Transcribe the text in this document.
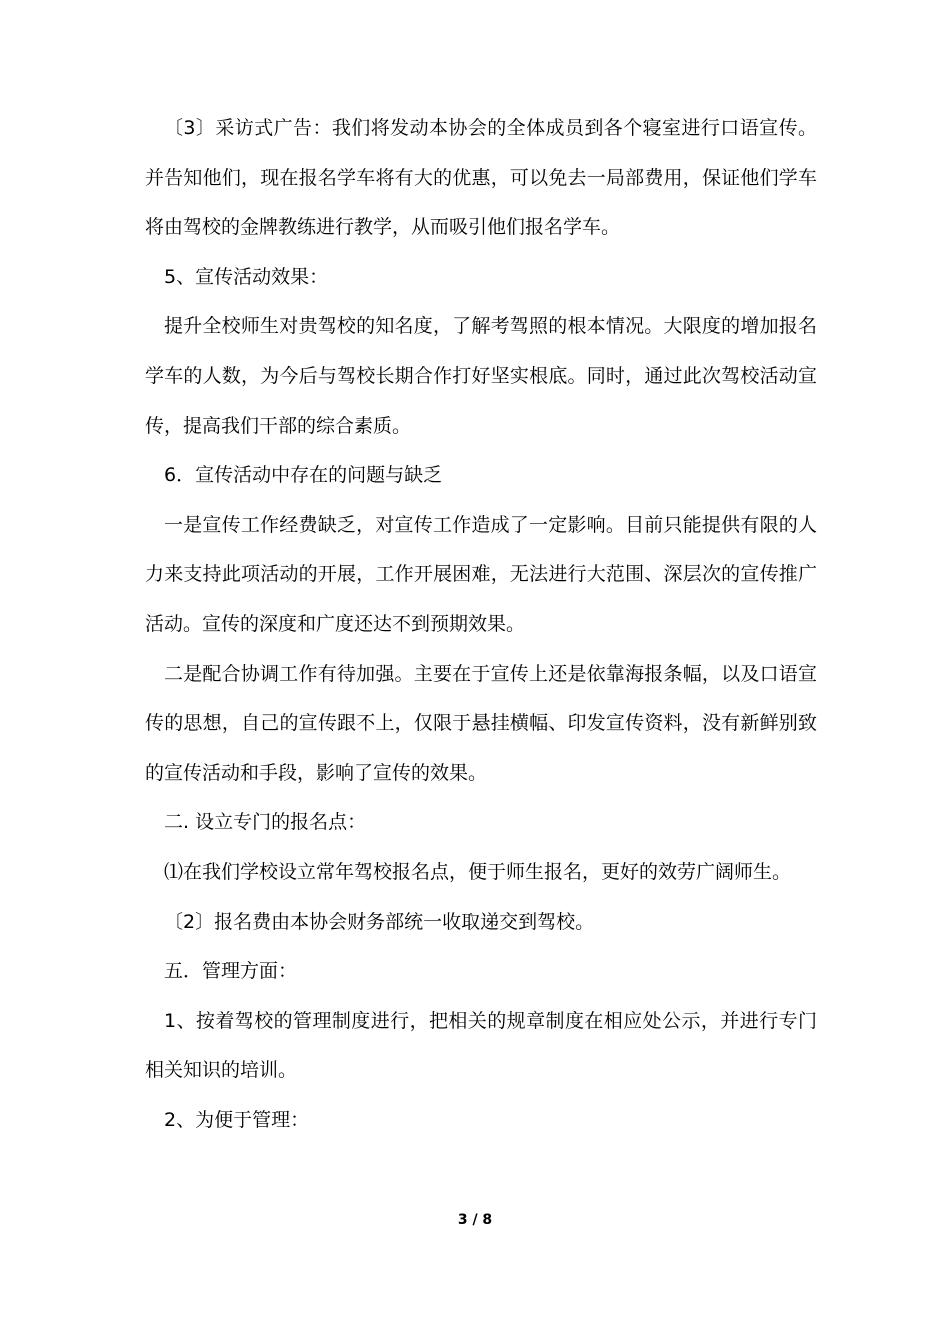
〔3〕采访式广告：我们将发动本协会的全体成员到各个寝室进行口语宣传。并告知他们，现在报名学车将有大的优惠，可以免去一局部费用，保证他们学车将由驾校的金牌教练进行教学，从而吸引他们报名学车。

5、宣传活动效果：

提升全校师生对贵驾校的知名度，了解考驾照的根本情况。大限度的增加报名学车的人数，为今后与驾校长期合作打好坚实根底。同时，通过此次驾校活动宣传，提高我们干部的综合素质。

6．宣传活动中存在的问题与缺乏

一是宣传工作经费缺乏，对宣传工作造成了一定影响。目前只能提供有限的人力来支持此项活动的开展，工作开展困难，无法进行大范围、深层次的宣传推广活动。宣传的深度和广度还达不到预期效果。

二是配合协调工作有待加强。主要在于宣传上还是依靠海报条幅，以及口语宣传的思想，自己的宣传跟不上，仅限于悬挂横幅、印发宣传资料，没有新鲜别致的宣传活动和手段，影响了宣传的效果。

二. 设立专门的报名点：

⑴在我们学校设立常年驾校报名点，便于师生报名，更好的效劳广阔师生。

〔2〕报名费由本协会财务部统一收取递交到驾校。

五．管理方面：

1、按着驾校的管理制度进行，把相关的规章制度在相应处公示，并进行专门相关知识的培训。

2、为便于管理：

3 / 8
